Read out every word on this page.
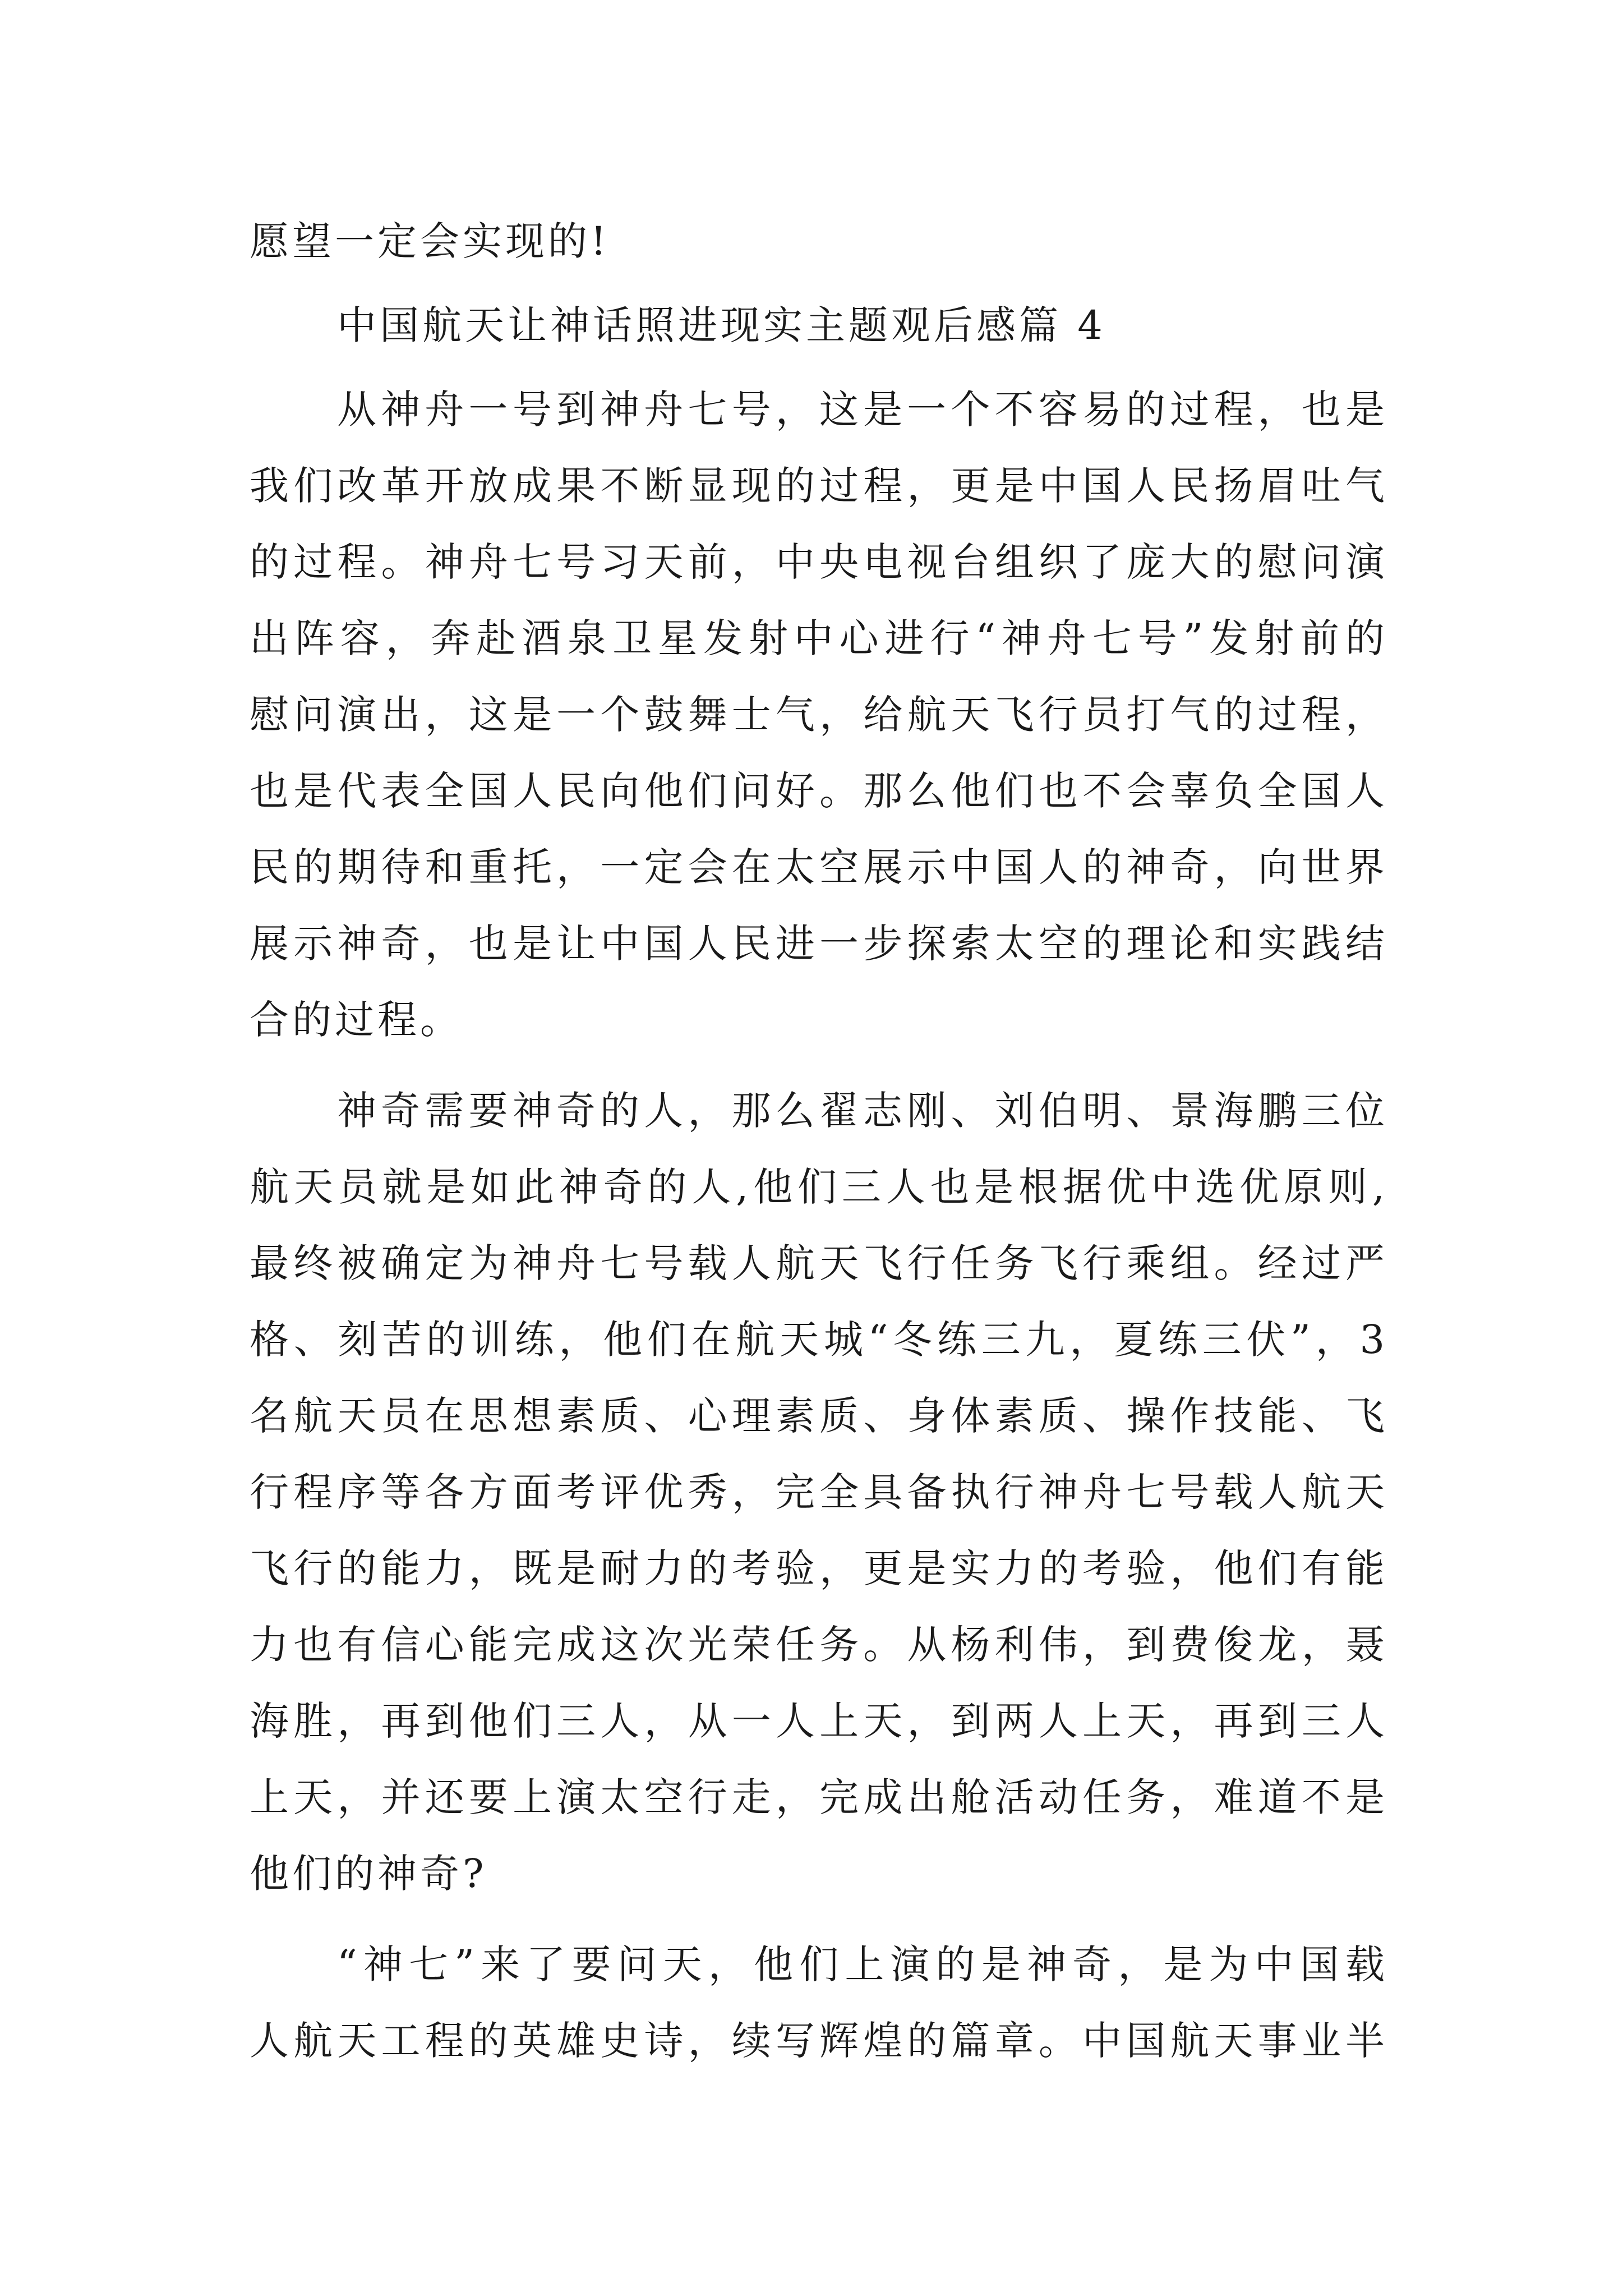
愿望一定会实现的!
中国航天让神话照进现实主题观后感篇 4
从神舟一号到神舟七号，这是一个不容易的过程，也是
我们改革开放成果不断显现的过程，更是中国人民扬眉吐气
的过程。神舟七号习天前，中央电视台组织了庞大的慰问演
出阵容，奔赴酒泉卫星发射中心进行“神舟七号”发射前的
慰问演出，这是一个鼓舞士气，给航天飞行员打气的过程，
也是代表全国人民向他们问好。那么他们也不会辜负全国人
民的期待和重托，一定会在太空展示中国人的神奇，向世界
展示神奇，也是让中国人民进一步探索太空的理论和实践结
合的过程。
神奇需要神奇的人，那么翟志刚、刘伯明、景海鹏三位
航天员就是如此神奇的人,他们三人也是根据优中选优原则,
最终被确定为神舟七号载人航天飞行任务飞行乘组。经过严
格、刻苦的训练，他们在航天城“冬练三九，夏练三伏”，3
名航天员在思想素质、心理素质、身体素质、操作技能、飞
行程序等各方面考评优秀，完全具备执行神舟七号载人航天
飞行的能力，既是耐力的考验，更是实力的考验，他们有能
力也有信心能完成这次光荣任务。从杨利伟，到费俊龙，聂
海胜，再到他们三人，从一人上天，到两人上天，再到三人
上天，并还要上演太空行走，完成出舱活动任务，难道不是
他们的神奇?
“神七”来了要问天，他们上演的是神奇，是为中国载
人航天工程的英雄史诗，续写辉煌的篇章。中国航天事业半
